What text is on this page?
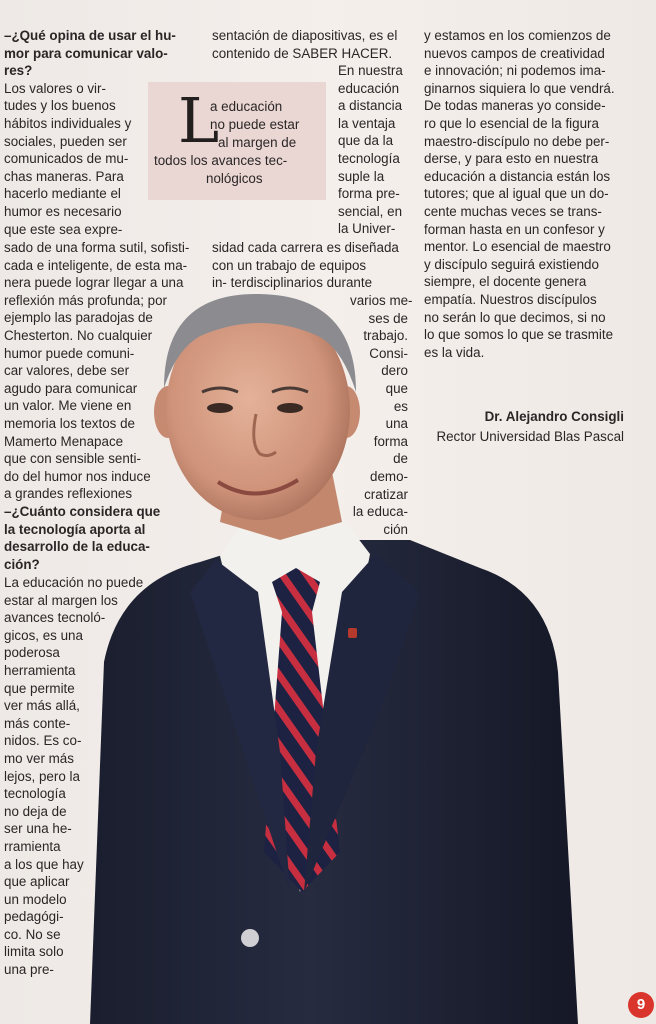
–¿Qué opina de usar el hu-
mor para comunicar valo-
res?
Los valores o vir-
tudes y los buenos
hábitos individuales y
sociales, pueden ser
comunicados de mu-
chas maneras. Para
hacerlo mediante el
humor es necesario
que este sea expre-
L
a educación
no puede estar
al margen de
todos los avances tec-
nológicos
sado de una forma sutil, sofisti-
cada e inteligente, de esta ma-
nera puede lograr llegar a una
reflexión más profunda; por
ejemplo las paradojas de
Chesterton. No cualquier
humor puede comuni-
car valores, debe ser
agudo para comunicar
un valor. Me viene en
memoria los textos de
Mamerto Menapace
que con sensible senti-
do del humor nos induce
a grandes reflexiones
–¿Cuánto considera que
la tecnología aporta al
desarrollo de la educa-
ción?
La educación no puede
estar al margen los
avances tecnoló-
gicos, es una
poderosa
herramienta
que permite
ver más allá,
más conte-
nidos. Es co-
mo ver más
lejos, pero la
tecnología
no deja de
ser una he-
rramienta
a los que hay
que aplicar
un modelo
pedagógi-
co. No se
limita solo
una pre-
sentación de diapositivas, es el
contenido de SABER HACER.
En nuestra
educación
a distancia
la ventaja
que da la
tecnología
suple la
forma pre-
sencial, en
la Univer-
sidad cada carrera es diseñada
con un trabajo de equipos
in- terdisciplinarios durante
varios me-
ses de
trabajo.
Consi-
dero
que
es
una
forma
de
demo-
cratizar
la educa-
ción
y estamos en los comienzos de
nuevos campos de creatividad
e innovación; ni podemos ima-
ginarnos siquiera lo que vendrá.
De todas maneras yo conside-
ro que lo esencial de la figura
maestro-discípulo no debe per-
derse, y para esto en nuestra
educación a distancia están los
tutores; que al igual que un do-
cente muchas veces se trans-
forman hasta en un confesor y
mentor. Lo esencial de maestro
y discípulo seguirá existiendo
siempre, el docente genera
empatía. Nuestros discípulos
no serán lo que decimos, si no
lo que somos lo que se trasmite
es la vida.
Dr. Alejandro Consigli
Rector Universidad Blas Pascal
9
